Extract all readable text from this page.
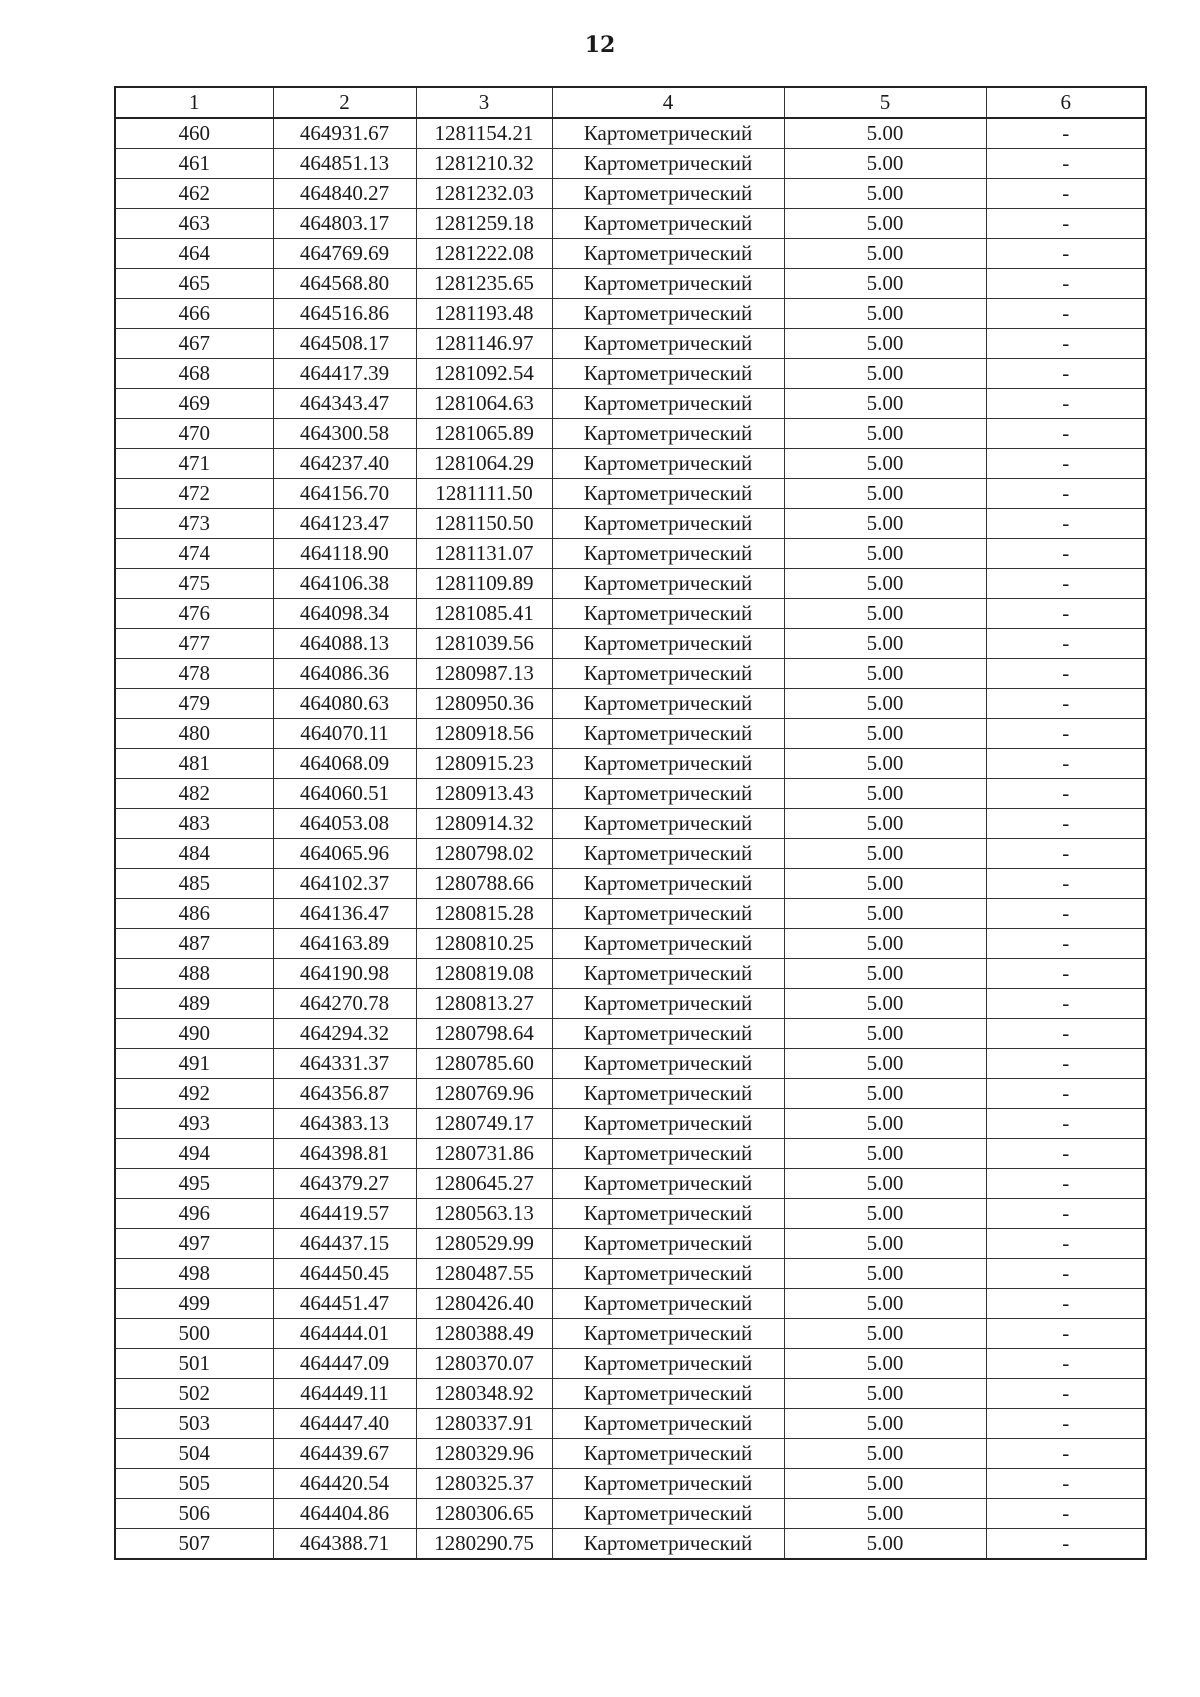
12
1	2	3	4	5	6
460	464931.67	1281154.21	Картометрический	5.00	-
461	464851.13	1281210.32	Картометрический	5.00	-
462	464840.27	1281232.03	Картометрический	5.00	-
463	464803.17	1281259.18	Картометрический	5.00	-
464	464769.69	1281222.08	Картометрический	5.00	-
465	464568.80	1281235.65	Картометрический	5.00	-
466	464516.86	1281193.48	Картометрический	5.00	-
467	464508.17	1281146.97	Картометрический	5.00	-
468	464417.39	1281092.54	Картометрический	5.00	-
469	464343.47	1281064.63	Картометрический	5.00	-
470	464300.58	1281065.89	Картометрический	5.00	-
471	464237.40	1281064.29	Картометрический	5.00	-
472	464156.70	1281111.50	Картометрический	5.00	-
473	464123.47	1281150.50	Картометрический	5.00	-
474	464118.90	1281131.07	Картометрический	5.00	-
475	464106.38	1281109.89	Картометрический	5.00	-
476	464098.34	1281085.41	Картометрический	5.00	-
477	464088.13	1281039.56	Картометрический	5.00	-
478	464086.36	1280987.13	Картометрический	5.00	-
479	464080.63	1280950.36	Картометрический	5.00	-
480	464070.11	1280918.56	Картометрический	5.00	-
481	464068.09	1280915.23	Картометрический	5.00	-
482	464060.51	1280913.43	Картометрический	5.00	-
483	464053.08	1280914.32	Картометрический	5.00	-
484	464065.96	1280798.02	Картометрический	5.00	-
485	464102.37	1280788.66	Картометрический	5.00	-
486	464136.47	1280815.28	Картометрический	5.00	-
487	464163.89	1280810.25	Картометрический	5.00	-
488	464190.98	1280819.08	Картометрический	5.00	-
489	464270.78	1280813.27	Картометрический	5.00	-
490	464294.32	1280798.64	Картометрический	5.00	-
491	464331.37	1280785.60	Картометрический	5.00	-
492	464356.87	1280769.96	Картометрический	5.00	-
493	464383.13	1280749.17	Картометрический	5.00	-
494	464398.81	1280731.86	Картометрический	5.00	-
495	464379.27	1280645.27	Картометрический	5.00	-
496	464419.57	1280563.13	Картометрический	5.00	-
497	464437.15	1280529.99	Картометрический	5.00	-
498	464450.45	1280487.55	Картометрический	5.00	-
499	464451.47	1280426.40	Картометрический	5.00	-
500	464444.01	1280388.49	Картометрический	5.00	-
501	464447.09	1280370.07	Картометрический	5.00	-
502	464449.11	1280348.92	Картометрический	5.00	-
503	464447.40	1280337.91	Картометрический	5.00	-
504	464439.67	1280329.96	Картометрический	5.00	-
505	464420.54	1280325.37	Картометрический	5.00	-
506	464404.86	1280306.65	Картометрический	5.00	-
507	464388.71	1280290.75	Картометрический	5.00	-
